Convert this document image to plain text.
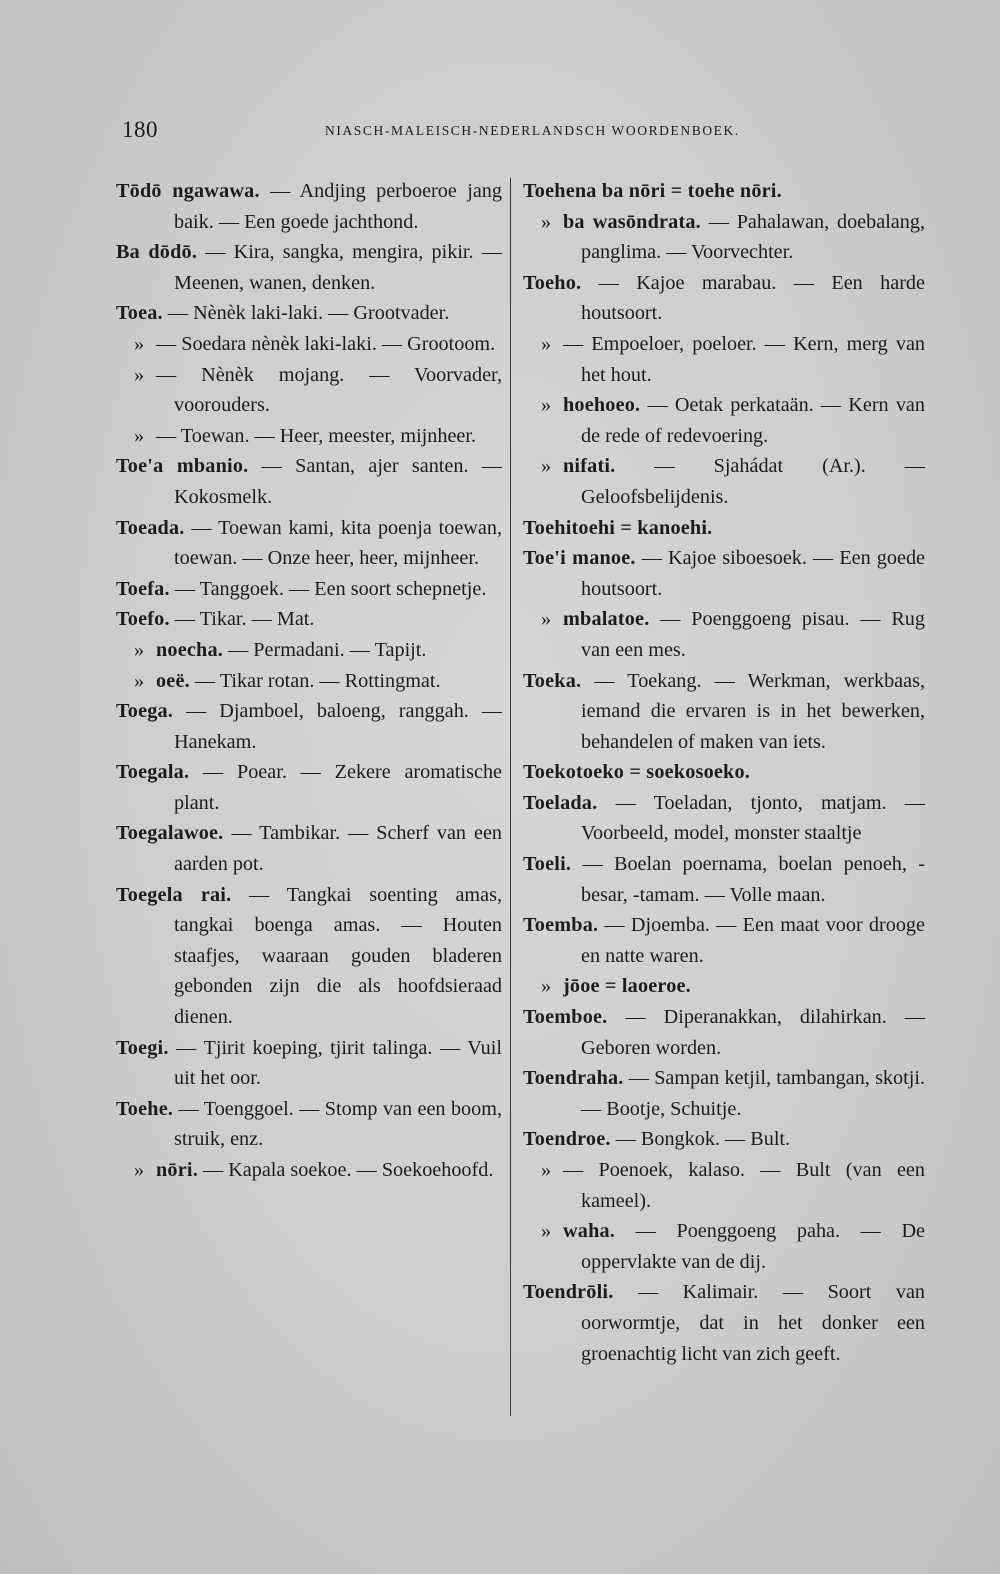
180	NIASCH-MALEISCH-NEDERLANDSCH WOORDENBOEK.

Tōdō ngawawa. — Andjing perboeroe jang baik. — Een goede jachthond.

Ba dōdō. — Kira, sangka, mengira, pikir. — Meenen, wanen, denken.

Toea. — Nènèk laki-laki. — Grootvader.

» — Soedara nènèk laki-laki. — Grootoom.

» — Nènèk mojang. — Voorvader, voorouders.

» — Toewan. — Heer, meester, mijnheer.

Toe'a mbanio. — Santan, ajer santen. — Kokosmelk.

Toeada. — Toewan kami, kita poenja toewan, toewan. — Onze heer, heer, mijnheer.

Toefa. — Tanggoek. — Een soort schepnetje.

Toefo. — Tikar. — Mat.

» noecha. — Permadani. — Tapijt.

» oeë. — Tikar rotan. — Rottingmat.

Toega. — Djamboel, baloeng, ranggah. — Hanekam.

Toegala. — Poear. — Zekere aromatische plant.

Toegalawoe. — Tambikar. — Scherf van een aarden pot.

Toegela rai. — Tangkai soenting amas, tangkai boenga amas. — Houten staafjes, waaraan gouden bladeren gebonden zijn die als hoofdsieraad dienen.

Toegi. — Tjirit koeping, tjirit talinga. — Vuil uit het oor.

Toehe. — Toenggoel. — Stomp van een boom, struik, enz.

» nōri. — Kapala soekoe. — Soekoehoofd.

Toehena ba nōri = toehe nōri.

» ba wasōndrata. — Pahalawan, doebalang, panglima. — Voorvechter.

Toeho. — Kajoe marabau. — Een harde houtsoort.

» — Empoeloer, poeloer. — Kern, merg van het hout.

» hoehoeo. — Oetak perkataän. — Kern van de rede of redevoering.

» nifati. — Sjahádat (Ar.). — Geloofsbelijdenis.

Toehitoehi = kanoehi.

Toe'i manoe. — Kajoe siboesoek. — Een goede houtsoort.

» mbalatoe. — Poenggoeng pisau. — Rug van een mes.

Toeka. — Toekang. — Werkman, werkbaas, iemand die ervaren is in het bewerken, behandelen of maken van iets.

Toekotoeko = soekosoeko.

Toelada. — Toeladan, tjonto, matjam. — Voorbeeld, model, monster staaltje

Toeli. — Boelan poernama, boelan penoeh, -besar, -tamam. — Volle maan.

Toemba. — Djoemba. — Een maat voor drooge en natte waren.

» jōoe = laoeroe.

Toemboe. — Diperanakkan, dilahirkan. — Geboren worden.

Toendraha. — Sampan ketjil, tambangan, skotji. — Bootje, Schuitje.

Toendroe. — Bongkok. — Bult.

» — Poenoek, kalaso. — Bult (van een kameel).

» waha. — Poenggoeng paha. — De oppervlakte van de dij.

Toendrōli. — Kalimair. — Soort van oorwormtje, dat in het donker een groenachtig licht van zich geeft.
